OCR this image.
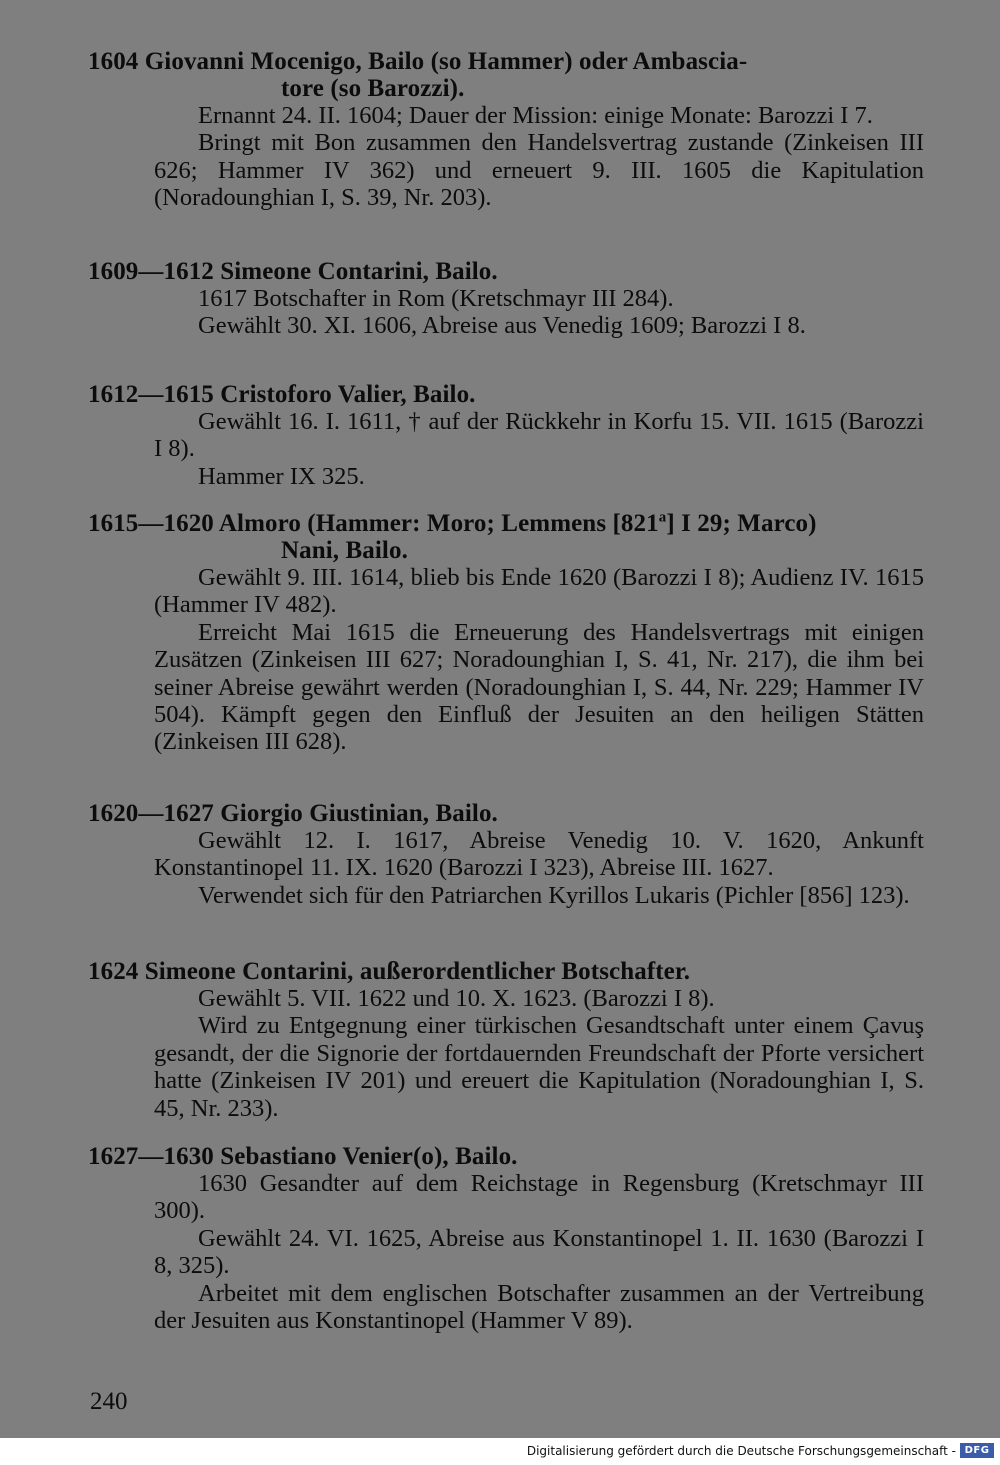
1604 Giovanni Mocenigo, Bailo (so Hammer) oder Ambascia-
tore (so Barozzi).

Ernannt 24. II. 1604; Dauer der Mission: einige Monate: Barozzi I 7.

Bringt mit Bon zusammen den Handelsvertrag zustande (Zinkeisen III 626; Hammer IV 362) und erneuert 9. III. 1605 die Kapitulation (Noradounghian I, S. 39, Nr. 203).

1609—1612 Simeone Contarini, Bailo.

1617 Botschafter in Rom (Kretschmayr III 284).

Gewählt 30. XI. 1606, Abreise aus Venedig 1609; Barozzi I 8.

1612—1615 Cristoforo Valier, Bailo.

Gewählt 16. I. 1611, † auf der Rückkehr in Korfu 15. VII. 1615 (Barozzi I 8).

Hammer IX 325.

1615—1620 Almoro (Hammer: Moro; Lemmens [821$^a$] I 29; Marco)
Nani, Bailo.

Gewählt 9. III. 1614, blieb bis Ende 1620 (Barozzi I 8); Audienz IV. 1615 (Hammer IV 482).

Erreicht Mai 1615 die Erneuerung des Handelsvertrags mit einigen Zusätzen (Zinkeisen III 627; Noradounghian I, S. 41, Nr. 217), die ihm bei seiner Abreise gewährt werden (Noradounghian I, S. 44, Nr. 229; Hammer IV 504). Kämpft gegen den Einfluß der Jesuiten an den heiligen Stätten (Zinkeisen III 628).

1620—1627 Giorgio Giustinian, Bailo.

Gewählt 12. I. 1617, Abreise Venedig 10. V. 1620, Ankunft Konstantinopel 11. IX. 1620 (Barozzi I 323), Abreise III. 1627.

Verwendet sich für den Patriarchen Kyrillos Lukaris (Pichler [856] 123).

1624 Simeone Contarini, außerordentlicher Botschafter.

Gewählt 5. VII. 1622 und 10. X. 1623. (Barozzi I 8).

Wird zu Entgegnung einer türkischen Gesandtschaft unter einem Çavuş gesandt, der die Signorie der fortdauernden Freundschaft der Pforte versichert hatte (Zinkeisen IV 201) und ereuert die Kapitulation (Noradounghian I, S. 45, Nr. 233).

1627—1630 Sebastiano Venier(o), Bailo.

1630 Gesandter auf dem Reichstage in Regensburg (Kretschmayr III 300).

Gewählt 24. VI. 1625, Abreise aus Konstantinopel 1. II. 1630 (Barozzi I 8, 325).

Arbeitet mit dem englischen Botschafter zusammen an der Vertreibung der Jesuiten aus Konstantinopel (Hammer V 89).

240
Digitalisierung gefördert durch die Deutsche Forschungsgemeinschaft - DFG
